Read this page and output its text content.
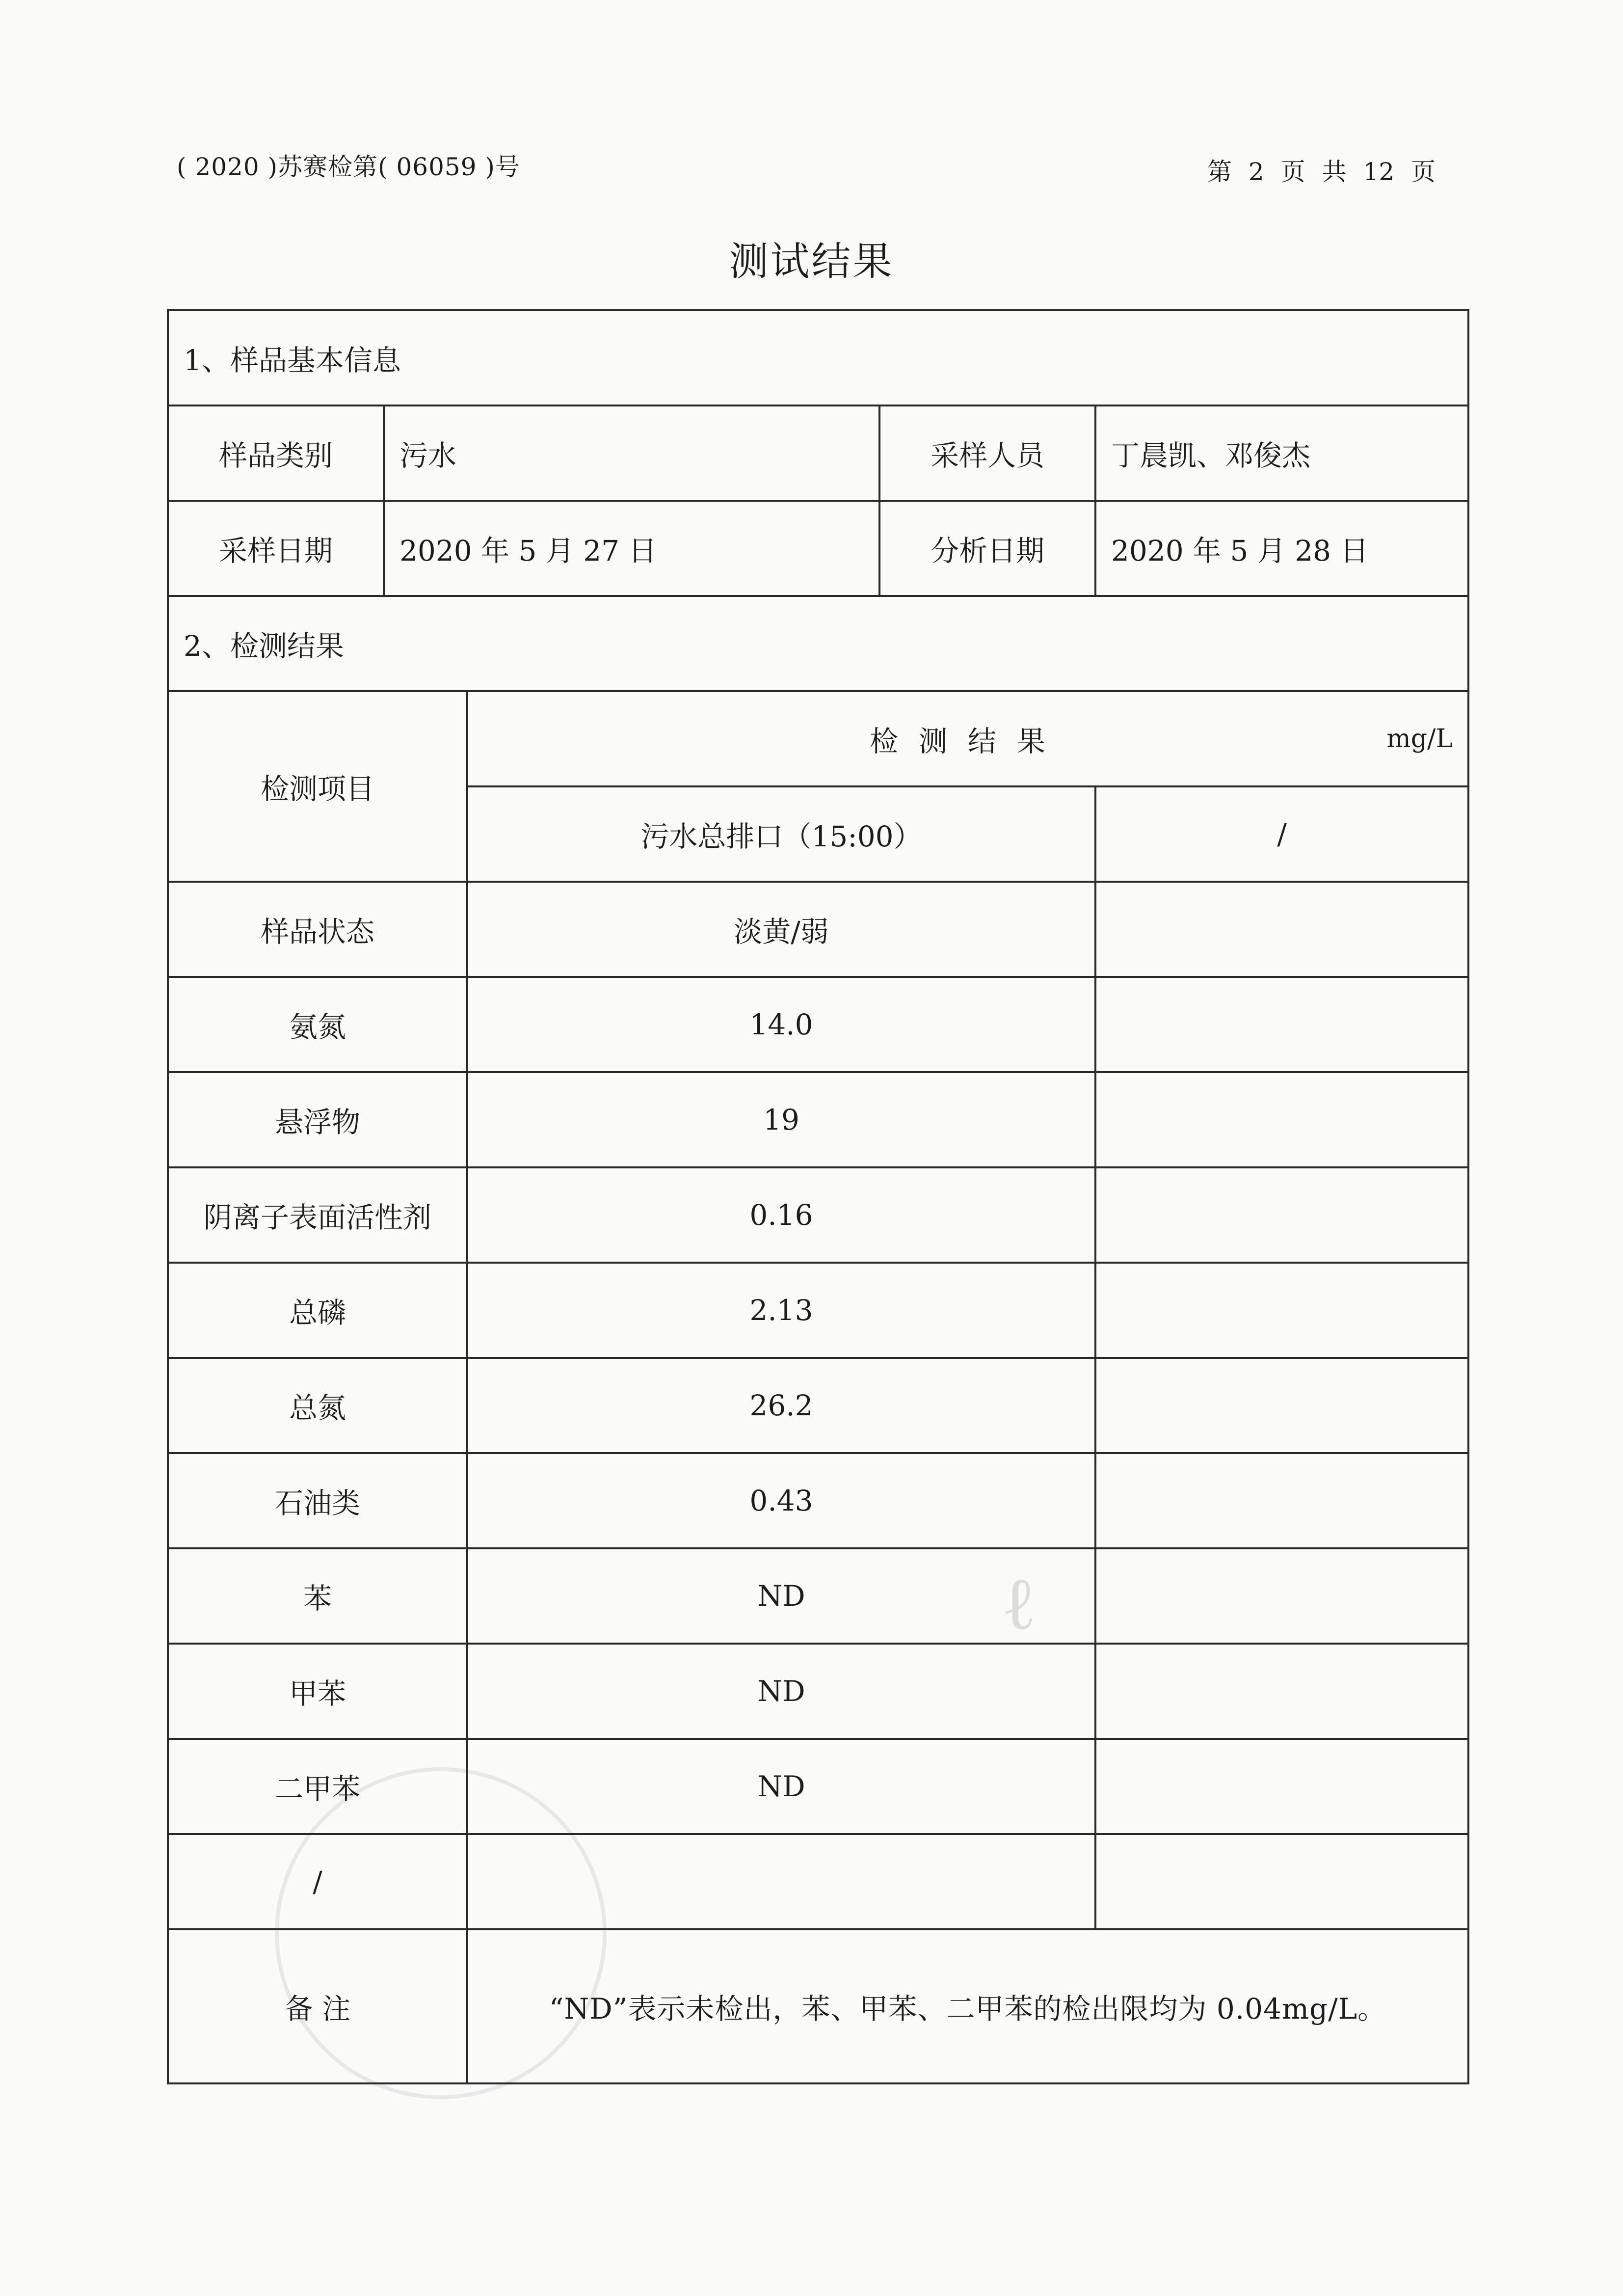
( 2020 )苏赛检第( 06059 )号	第 2 页 共 12 页
测试结果
ℓ
1、样品基本信息				
样品类别	污水		采样人员	丁晨凯、邓俊杰
采样日期	2020 年 5 月 27 日		分析日期	2020 年 5 月 28 日
2、检测结果				
检测项目		检测结果 mg/L		

		污水总排口（15:00）		/
样品状态		淡黄/弱		
氨氮		14.0		
悬浮物		19		
阴离子表面活性剂		0.16		
总磷		2.13		
总氮		26.2		
石油类		0.43		
苯		ND		
甲苯		ND		
二甲苯		ND		
/				
备 注		“ND”表示未检出，苯、甲苯、二甲苯的检出限均为 0.04mg/L。		
